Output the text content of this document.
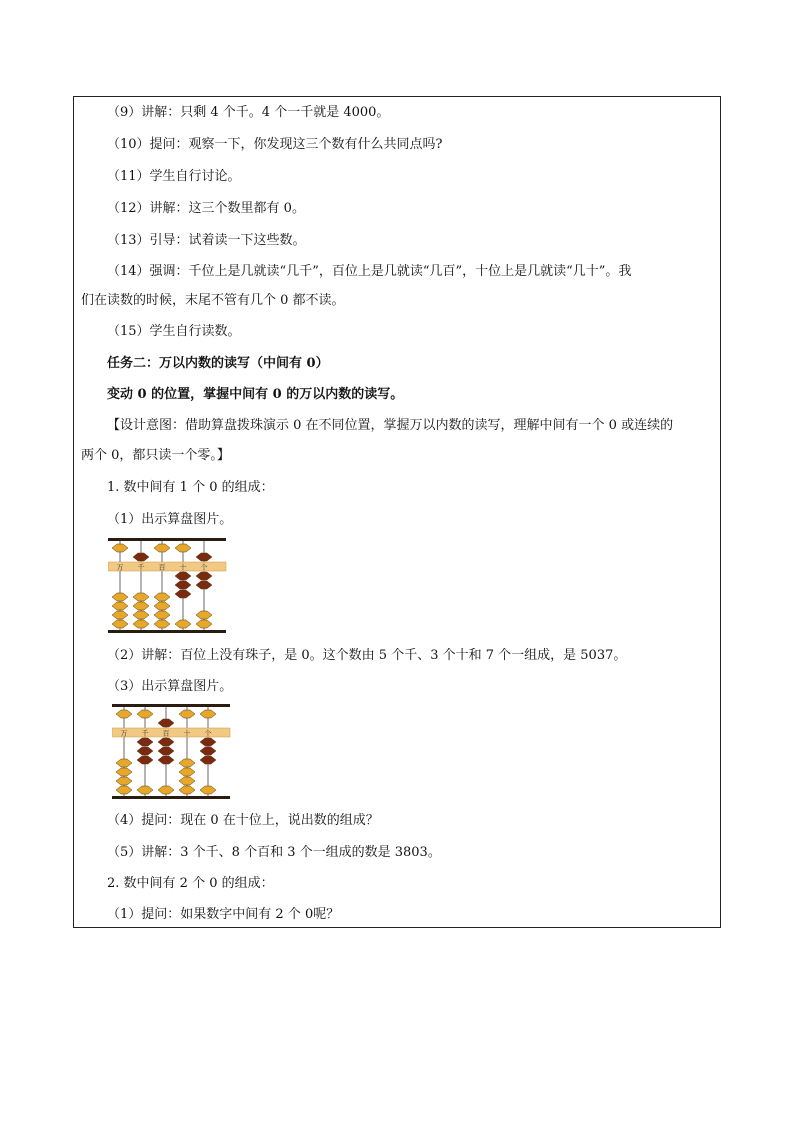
（9）讲解：只剩 4 个千。4 个一千就是 4000。
（10）提问：观察一下，你发现这三个数有什么共同点吗?
（11）学生自行讨论。
（12）讲解：这三个数里都有 0。
（13）引导：试着读一下这些数。
（14）强调：千位上是几就读“几千”，百位上是几就读“几百”，十位上是几就读“几十”。我
们在读数的时候，末尾不管有几个 0 都不读。
（15）学生自行读数。
任务二：万以内数的读写（中间有 0）
变动 0 的位置，掌握中间有 0 的万以内数的读写。
【设计意图：借助算盘拨珠演示 0 在不同位置，掌握万以内数的读写，理解中间有一个 0 或连续的
两个 0，都只读一个零。】
1. 数中间有 1 个 0 的组成：
（1）出示算盘图片。
万 千 百 十 个
（2）讲解：百位上没有珠子，是 0。这个数由 5 个千、3 个十和 7 个一组成，是 5037。
（3）出示算盘图片。
万 千 百 十 个
（4）提问：现在 0 在十位上，说出数的组成？
（5）讲解：3 个千、8 个百和 3 个一组成的数是 3803。
2. 数中间有 2 个 0 的组成：
（1）提问：如果数字中间有 2 个 0呢？
